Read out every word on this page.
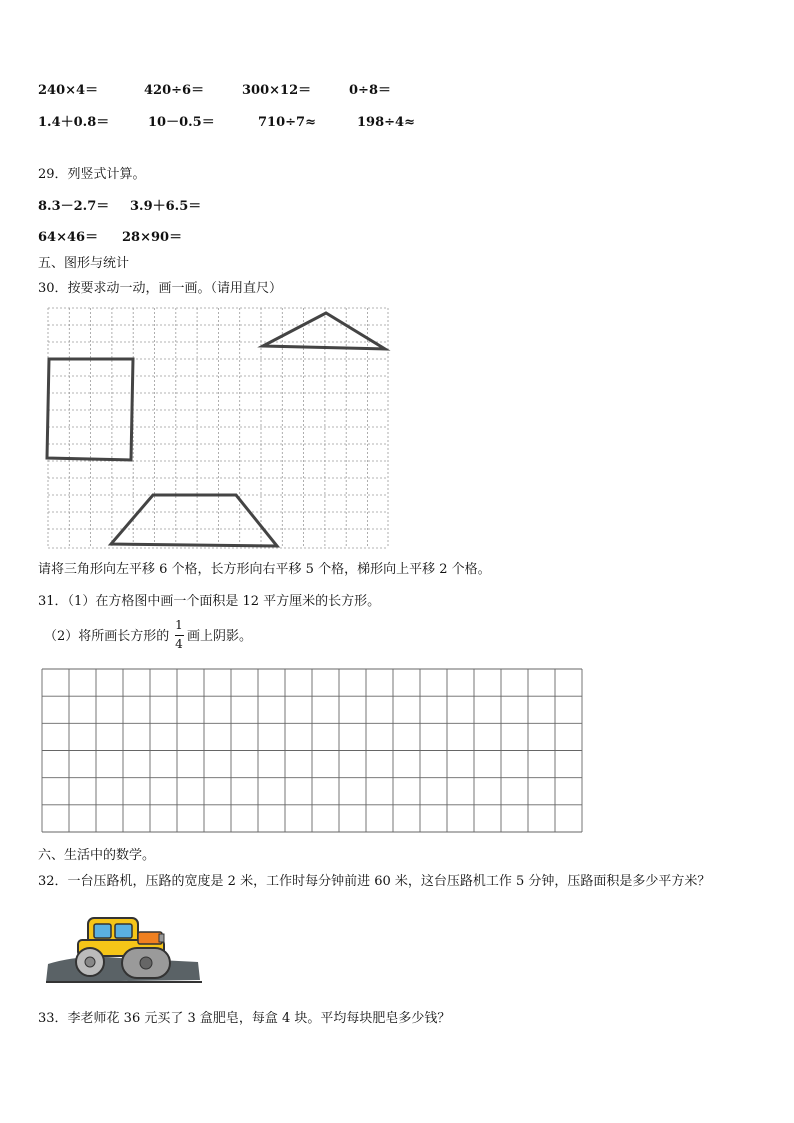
240×4＝	420÷6＝	300×12＝	0÷8＝
1.4＋0.8＝	10－0.5＝	710÷7≈	198÷4≈
29．列竖式计算。
8.3－2.7＝ 3.9＋6.5＝
64×46＝ 28×90＝
五、图形与统计
30．按要求动一动，画一画。（请用直尺）
请将三角形向左平移 6 个格，长方形向右平移 5 个格，梯形向上平移 2 个格。
31．（1）在方格图中画一个面积是 12 平方厘米的长方形。
（2）将所画长方形的
1
4 画上阴影。
六、生活中的数学。
32．一台压路机，压路的宽度是 2 米，工作时每分钟前进 60 米，这台压路机工作 5 分钟，压路面积是多少平方米？
33．李老师花 36 元买了 3 盒肥皂，每盒 4 块。平均每块肥皂多少钱？
